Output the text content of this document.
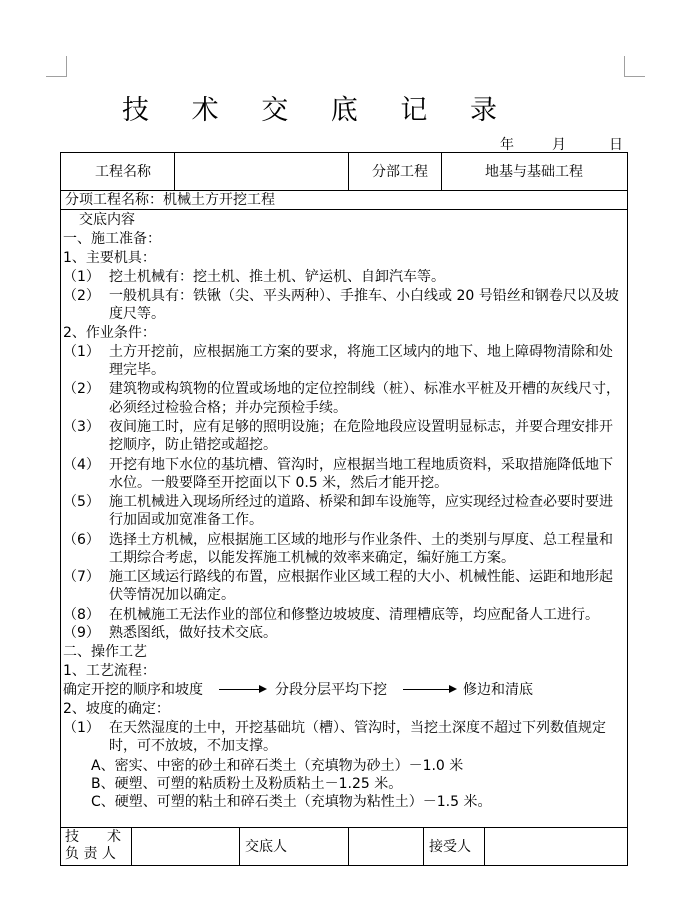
技 术 交 底 记 录
年	月	日
工程名称	分部工程	地基与基础工程
分项工程名称：机械土方开挖工程
交底内容
一、施工准备：
1、主要机具：
（1） 挖土机械有：挖土机、推土机、铲运机、自卸汽车等。
（2） 一般机具有：铁锹（尖、平头两种）、手推车、小白线或 20 号铅丝和钢卷尺以及坡
度尺等。
2、作业条件：
（1） 土方开挖前，应根据施工方案的要求，将施工区域内的地下、地上障碍物清除和处
理完毕。
（2） 建筑物或构筑物的位置或场地的定位控制线（桩）、标准水平桩及开槽的灰线尺寸，
必须经过检验合格；并办完预检手续。
（3） 夜间施工时，应有足够的照明设施；在危险地段应设置明显标志，并要合理安排开
挖顺序，防止错挖或超挖。
（4） 开挖有地下水位的基坑槽、管沟时，应根据当地工程地质资料，采取措施降低地下
水位。一般要降至开挖面以下 0.5 米，然后才能开挖。
（5） 施工机械进入现场所经过的道路、桥梁和卸车设施等，应实现经过检查必要时要进
行加固或加宽准备工作。
（6） 选择土方机械，应根据施工区域的地形与作业条件、土的类别与厚度、总工程量和
工期综合考虑，以能发挥施工机械的效率来确定，编好施工方案。
（7） 施工区域运行路线的布置，应根据作业区域工程的大小、机械性能、运距和地形起
伏等情况加以确定。
（8） 在机械施工无法作业的部位和修整边坡坡度、清理槽底等，均应配备人工进行。
（9） 熟悉图纸，做好技术交底。
二、操作工艺
1、工艺流程：
确定开挖的顺序和坡度	分段分层平均下挖	修边和清底
2、坡度的确定：
（1） 在天然湿度的土中，开挖基础坑（槽）、管沟时，当挖土深度不超过下列数值规定
时，可不放坡，不加支撑。
A、密实、中密的砂土和碎石类土（充填物为砂土）－1.0 米
B、硬塑、可塑的粘质粉土及粉质粘土－1.25 米。
C、硬塑、可塑的粘土和碎石类土（充填物为粘性土）－1.5 米。
技　　术
负 责 人	交底人	接受人
